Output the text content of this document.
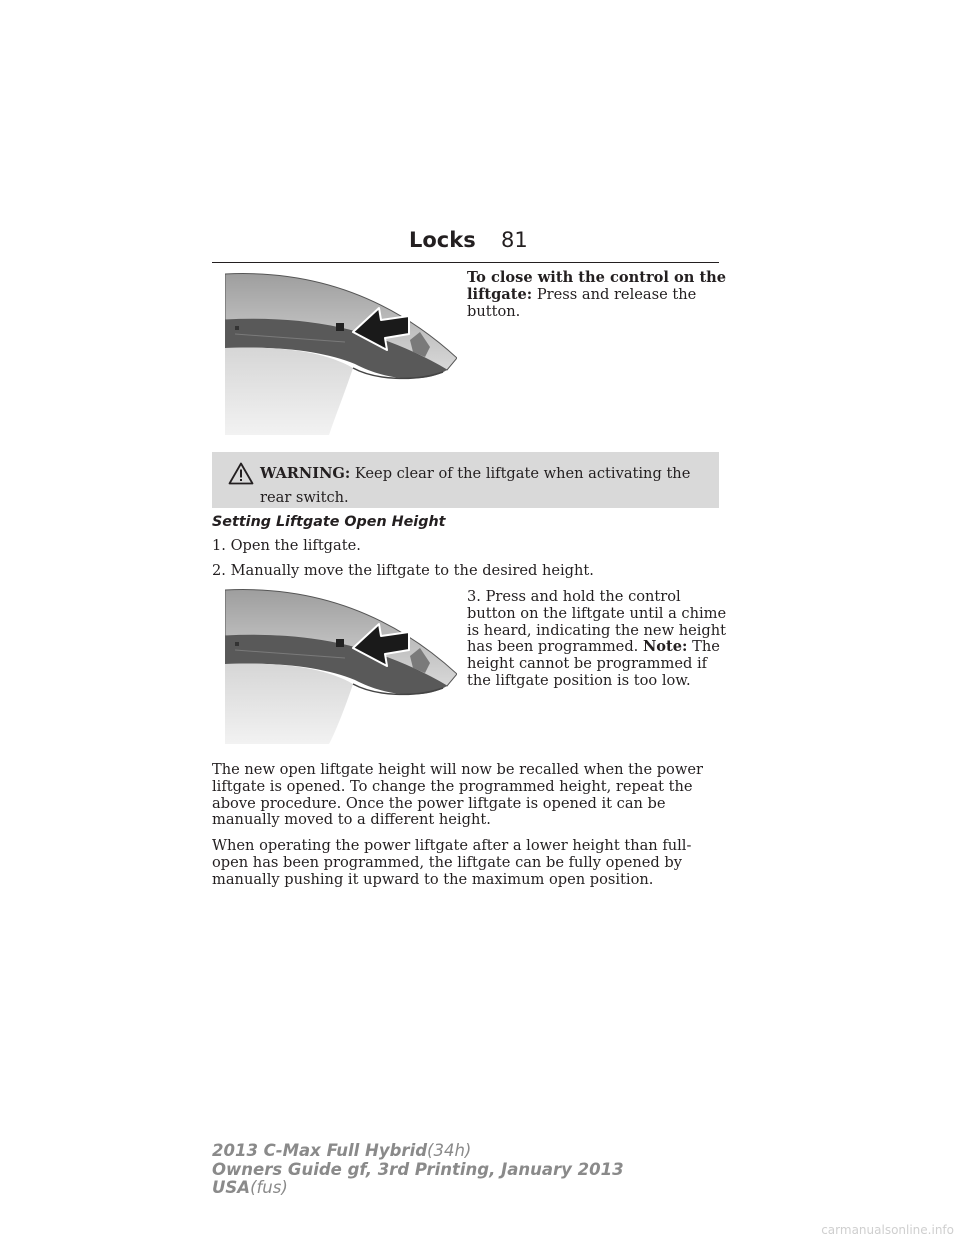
Locks 81
To close with the control on the liftgate: Press and release the button.
WARNING: Keep clear of the liftgate when activating the rear switch.
Setting Liftgate Open Height
1. Open the liftgate.
2. Manually move the liftgate to the desired height.
3. Press and hold the control button on the liftgate until a chime is heard, indicating the new height has been programmed. Note: The height cannot be programmed if the liftgate position is too low.
The new open liftgate height will now be recalled when the power liftgate is opened. To change the programmed height, repeat the above procedure. Once the power liftgate is opened it can be manually moved to a different height.
When operating the power liftgate after a lower height than full-open has been programmed, the liftgate can be fully opened by manually pushing it upward to the maximum open position.
2013 C-Max Full Hybrid(34h)
Owners Guide gf, 3rd Printing, January 2013
USA(fus)
carmanualsonline.info
